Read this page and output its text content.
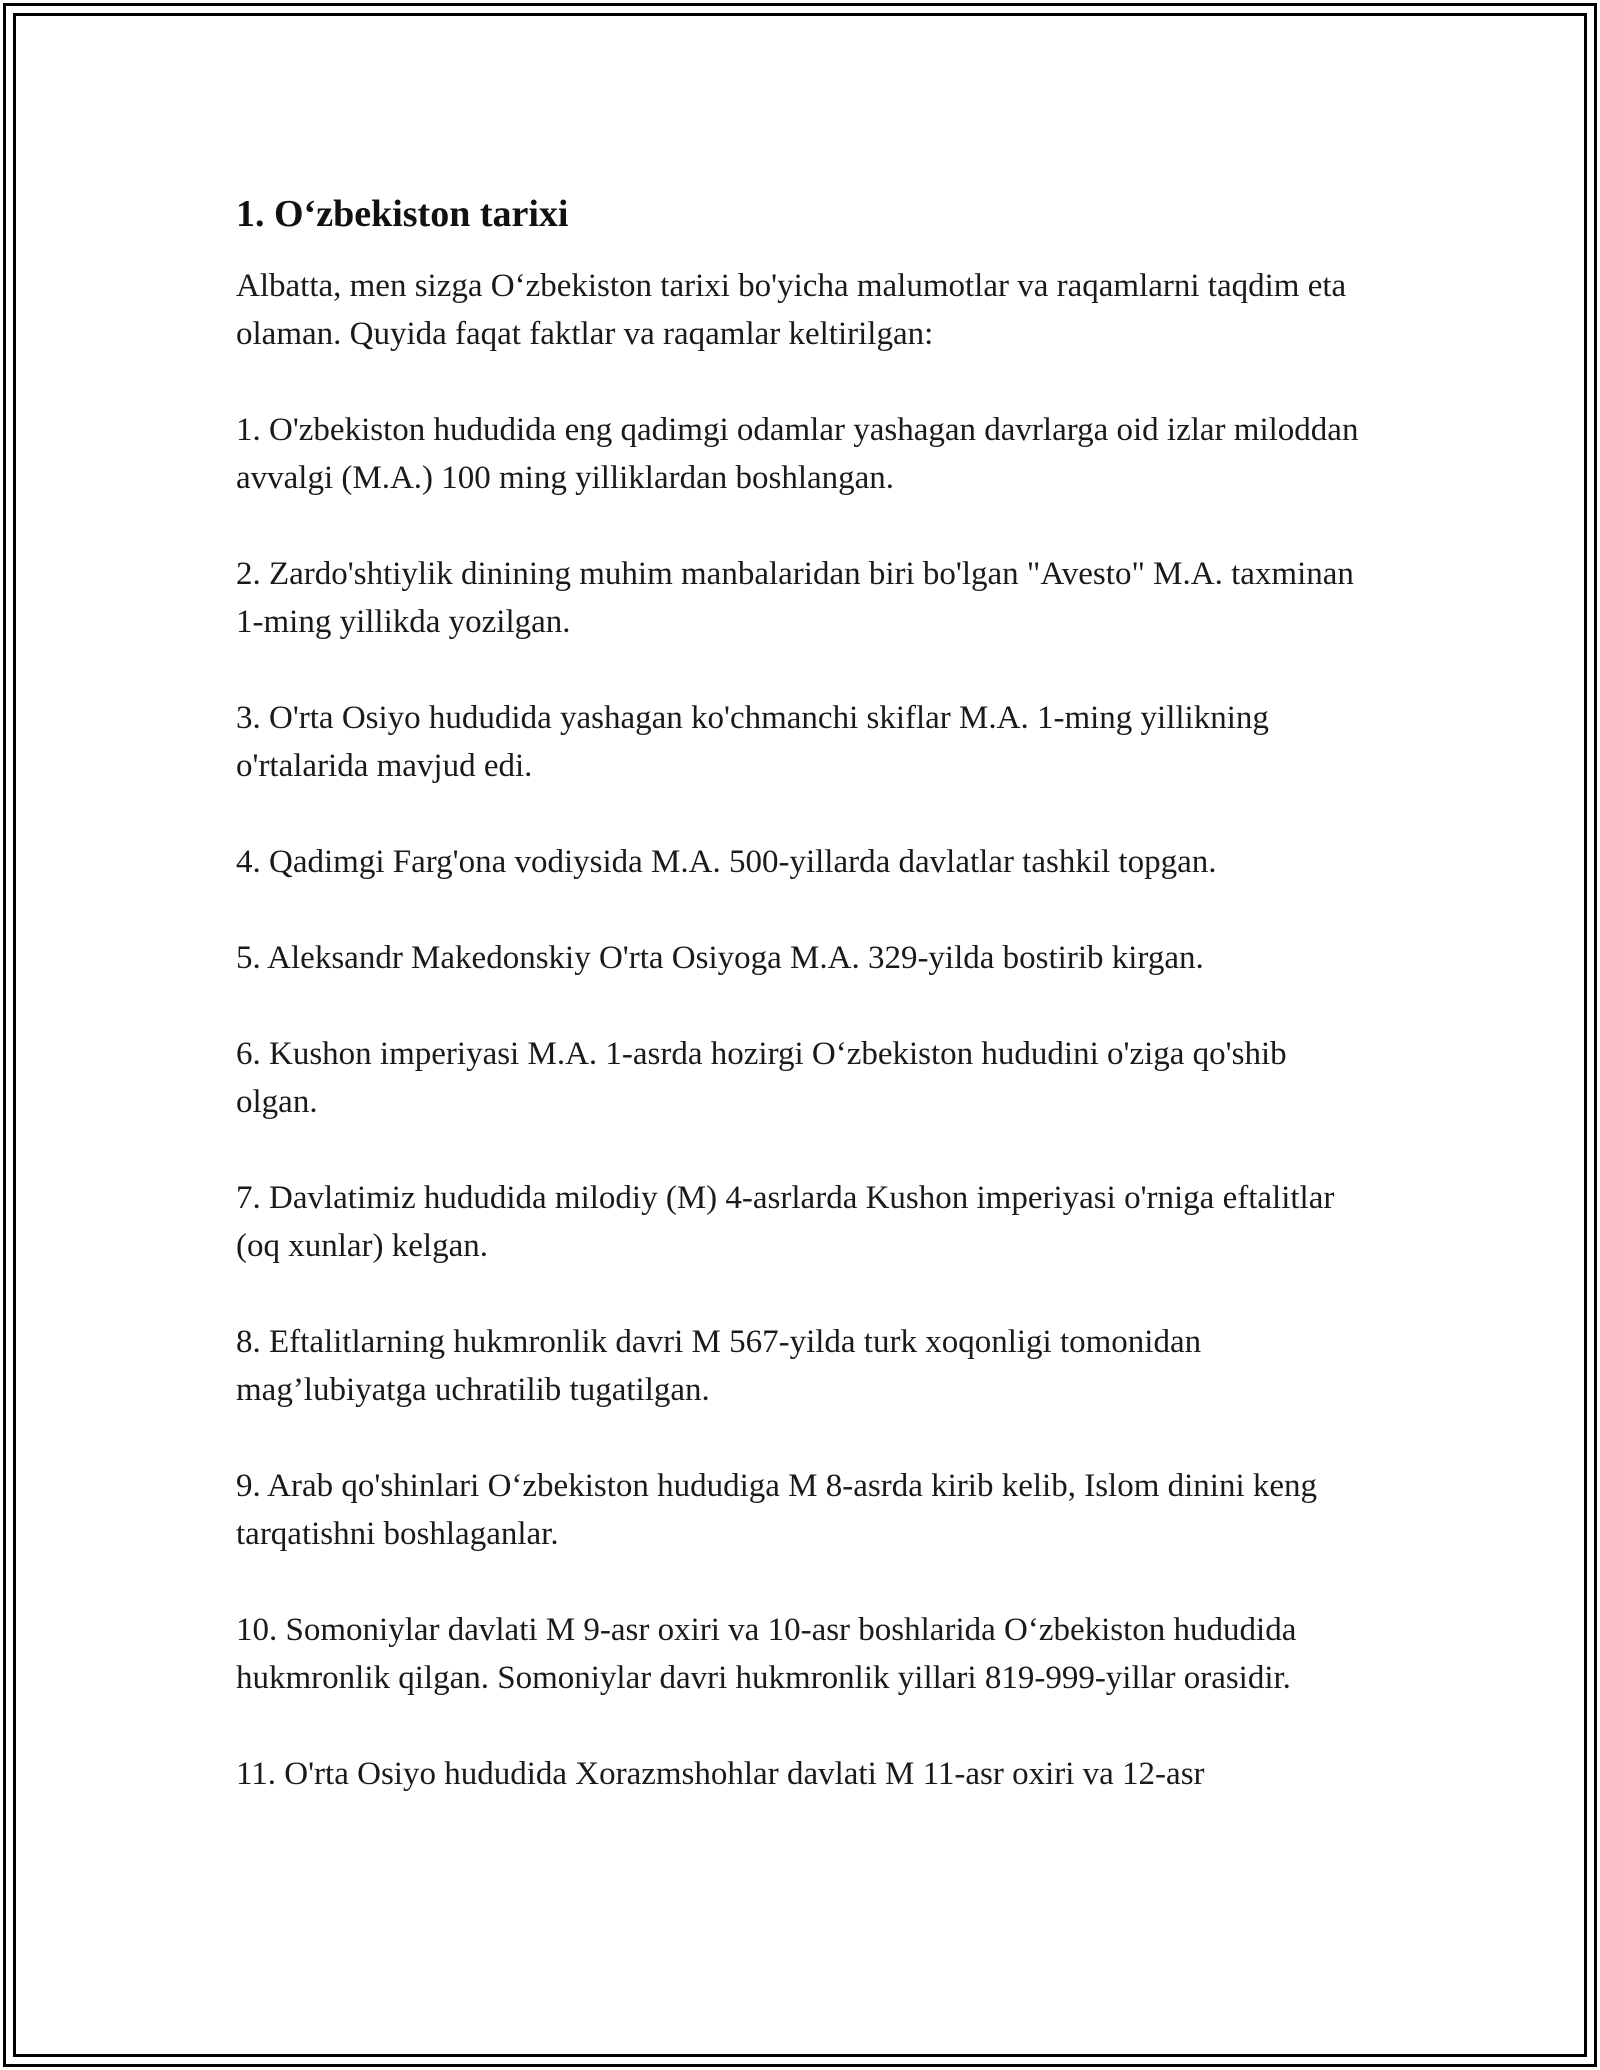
1. O‘zbekiston tarixi

Albatta, men sizga O‘zbekiston tarixi bo'yicha malumotlar va raqamlarni taqdim eta olaman. Quyida faqat faktlar va raqamlar keltirilgan:

1. O'zbekiston hududida eng qadimgi odamlar yashagan davrlarga oid izlar miloddan avvalgi (M.A.) 100 ming yilliklardan boshlangan.

2. Zardo'shtiylik dinining muhim manbalaridan biri bo'lgan "Avesto" M.A. taxminan 1-ming yillikda yozilgan.

3. O'rta Osiyo hududida yashagan ko'chmanchi skiflar M.A. 1-ming yillikning o'rtalarida mavjud edi.

4. Qadimgi Farg'ona vodiysida M.A. 500-yillarda davlatlar tashkil topgan.

5. Aleksandr Makedonskiy O'rta Osiyoga M.A. 329-yilda bostirib kirgan.

6. Kushon imperiyasi M.A. 1-asrda hozirgi O‘zbekiston hududini o'ziga qo'shib olgan.

7. Davlatimiz hududida milodiy (M) 4-asrlarda Kushon imperiyasi o'rniga eftalitlar (oq xunlar) kelgan.

8. Eftalitlarning hukmronlik davri M 567-yilda turk xoqonligi tomonidan mag’lubiyatga uchratilib tugatilgan.

9. Arab qo'shinlari O‘zbekiston hududiga M 8-asrda kirib kelib, Islom dinini keng tarqatishni boshlaganlar.

10. Somoniylar davlati M 9-asr oxiri va 10-asr boshlarida O‘zbekiston hududida hukmronlik qilgan. Somoniylar davri hukmronlik yillari 819-999-yillar orasidir.

11. O'rta Osiyo hududida Xorazmshohlar davlati M 11-asr oxiri va 12-asr
